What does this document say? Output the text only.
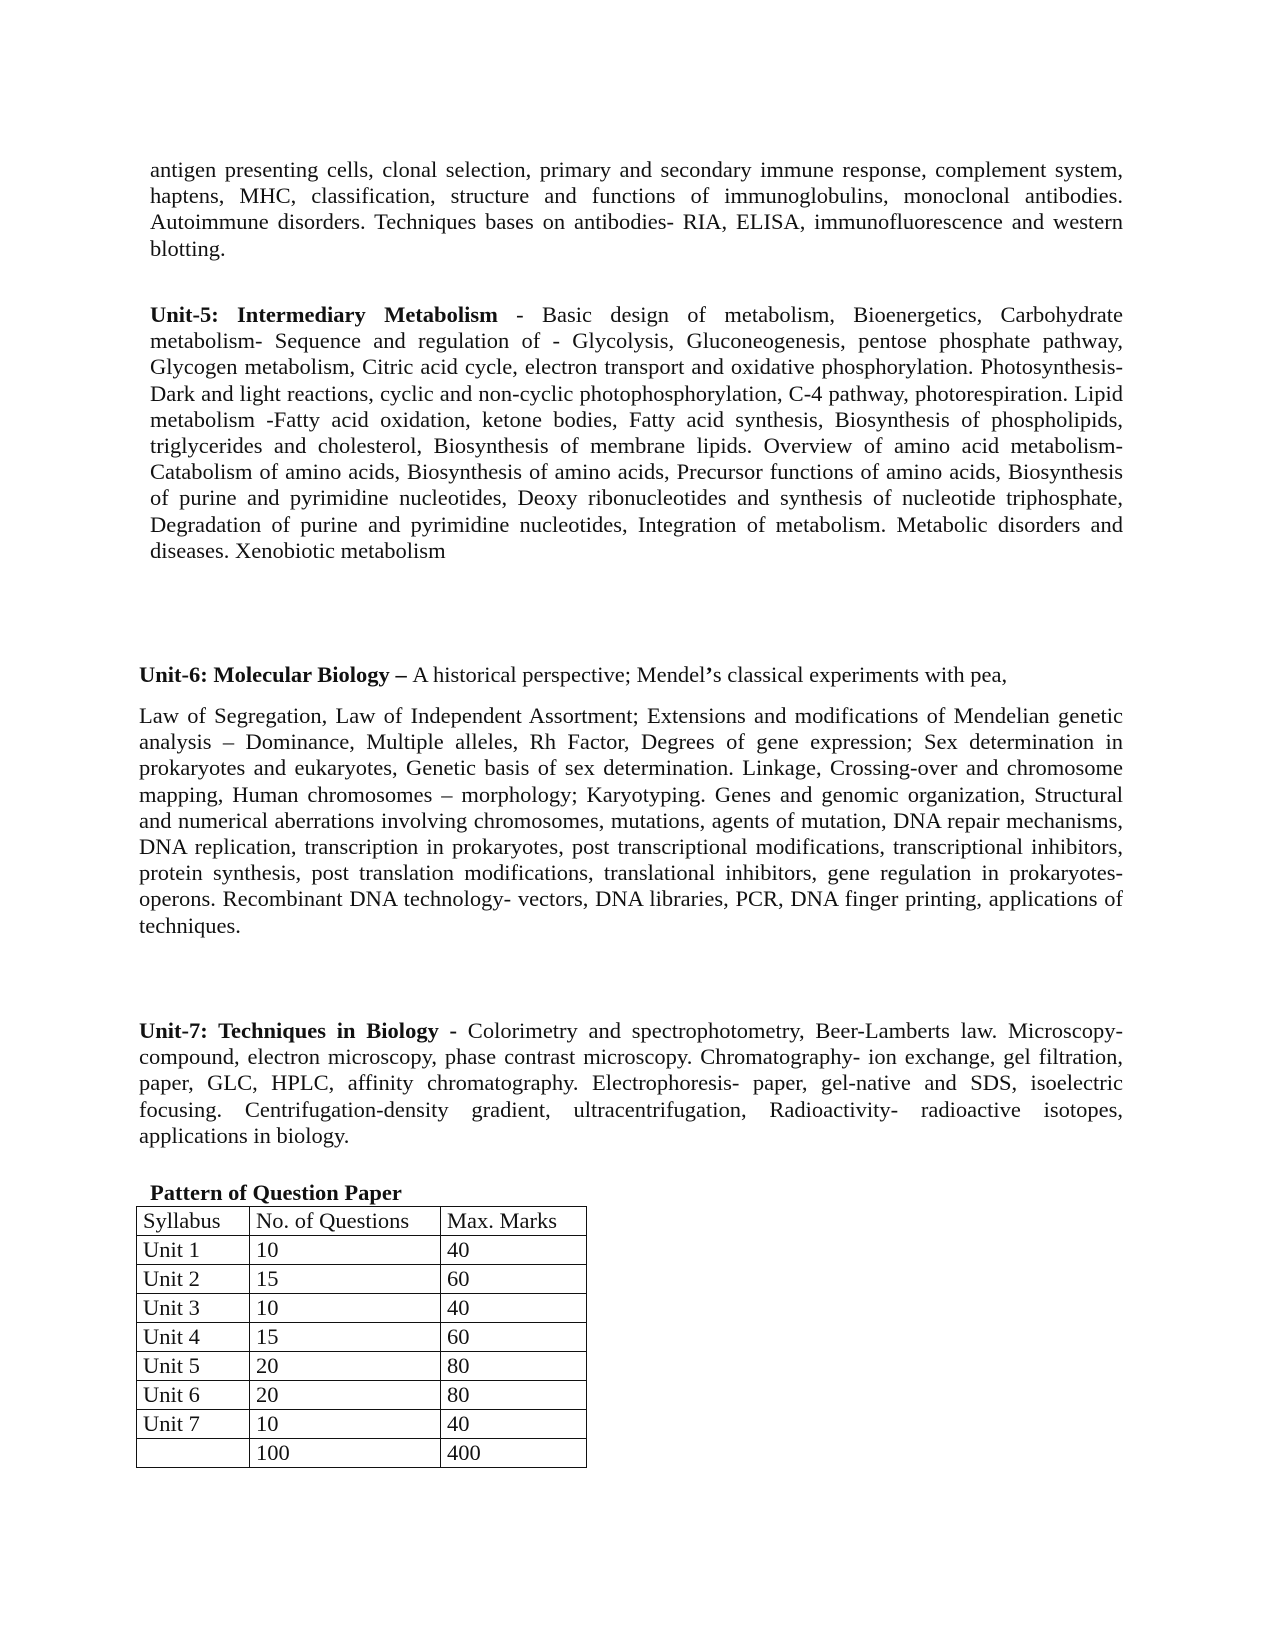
antigen presenting cells, clonal selection, primary and secondary immune response, complement system, haptens, MHC, classification, structure and functions of immunoglobulins, monoclonal antibodies. Autoimmune disorders. Techniques bases on antibodies- RIA, ELISA, immunofluorescence and western blotting.

Unit-5: Intermediary Metabolism - Basic design of metabolism, Bioenergetics, Carbohydrate metabolism- Sequence and regulation of - Glycolysis, Gluconeogenesis, pentose phosphate pathway, Glycogen metabolism, Citric acid cycle, electron transport and oxidative phosphorylation. Photosynthesis- Dark and light reactions, cyclic and non-cyclic photophosphorylation, C-4 pathway, photorespiration. Lipid metabolism -Fatty acid oxidation, ketone bodies, Fatty acid synthesis, Biosynthesis of phospholipids, triglycerides and cholesterol, Biosynthesis of membrane lipids. Overview of amino acid metabolism- Catabolism of amino acids, Biosynthesis of amino acids, Precursor functions of amino acids, Biosynthesis of purine and pyrimidine nucleotides, Deoxy ribonucleotides and synthesis of nucleotide triphosphate, Degradation of purine and pyrimidine nucleotides, Integration of metabolism. Metabolic disorders and diseases. Xenobiotic metabolism

Unit-6: Molecular Biology – A historical perspective; Mendel’s classical experiments with pea,

Law of Segregation, Law of Independent Assortment; Extensions and modifications of Mendelian genetic analysis – Dominance, Multiple alleles, Rh Factor, Degrees of gene expression; Sex determination in prokaryotes and eukaryotes, Genetic basis of sex determination. Linkage, Crossing-over and chromosome mapping, Human chromosomes – morphology; Karyotyping. Genes and genomic organization, Structural and numerical aberrations involving chromosomes, mutations, agents of mutation, DNA repair mechanisms, DNA replication, transcription in prokaryotes, post transcriptional modifications, transcriptional inhibitors, protein synthesis, post translation modifications, translational inhibitors, gene regulation in prokaryotes-operons. Recombinant DNA technology- vectors, DNA libraries, PCR, DNA finger printing, applications of techniques.

Unit-7: Techniques in Biology - Colorimetry and spectrophotometry, Beer-Lamberts law. Microscopy- compound, electron microscopy, phase contrast microscopy. Chromatography- ion exchange, gel filtration, paper, GLC, HPLC, affinity chromatography. Electrophoresis- paper, gel-native and SDS, isoelectric focusing. Centrifugation-density gradient, ultracentrifugation, Radioactivity- radioactive isotopes, applications in biology.

Pattern of Question Paper
Syllabus	No. of Questions	Max. Marks
Unit 1	10	40
Unit 2	15	60
Unit 3	10	40
Unit 4	15	60
Unit 5	20	80
Unit 6	20	80
Unit 7	10	40
	100	400
